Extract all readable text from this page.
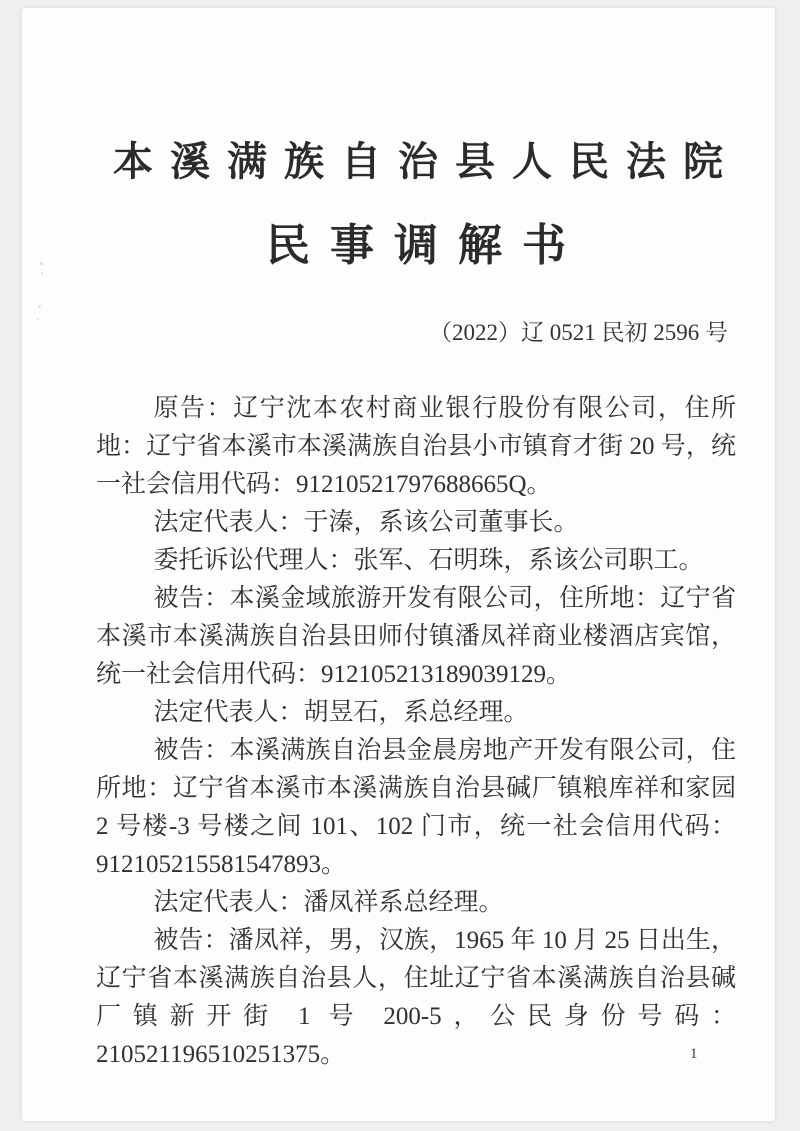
本溪满族自治县人民法院
民事调解书
（2022）辽 0521 民初 2596 号

原告：辽宁沈本农村商业银行股份有限公司，住所地：辽宁省本溪市本溪满族自治县小市镇育才街 20 号，统一社会信用代码：91210521797688665Q。

法定代表人：于溱，系该公司董事长。

委托诉讼代理人：张军、石明珠，系该公司职工。

被告：本溪金域旅游开发有限公司，住所地：辽宁省本溪市本溪满族自治县田师付镇潘凤祥商业楼酒店宾馆，统一社会信用代码：912105213189039129。

法定代表人：胡昱石，系总经理。

被告：本溪满族自治县金晨房地产开发有限公司，住所地：辽宁省本溪市本溪满族自治县碱厂镇粮库祥和家园 2 号楼-3 号楼之间 101、102 门市，统一社会信用代码：912105215581547893。

法定代表人：潘凤祥系总经理。

被告：潘凤祥，男，汉族，1965 年 10 月 25 日出生，辽宁省本溪满族自治县人，住址辽宁省本溪满族自治县碱厂镇新开街 1 号 200-5，公民身份号码：210521196510251375。	1
